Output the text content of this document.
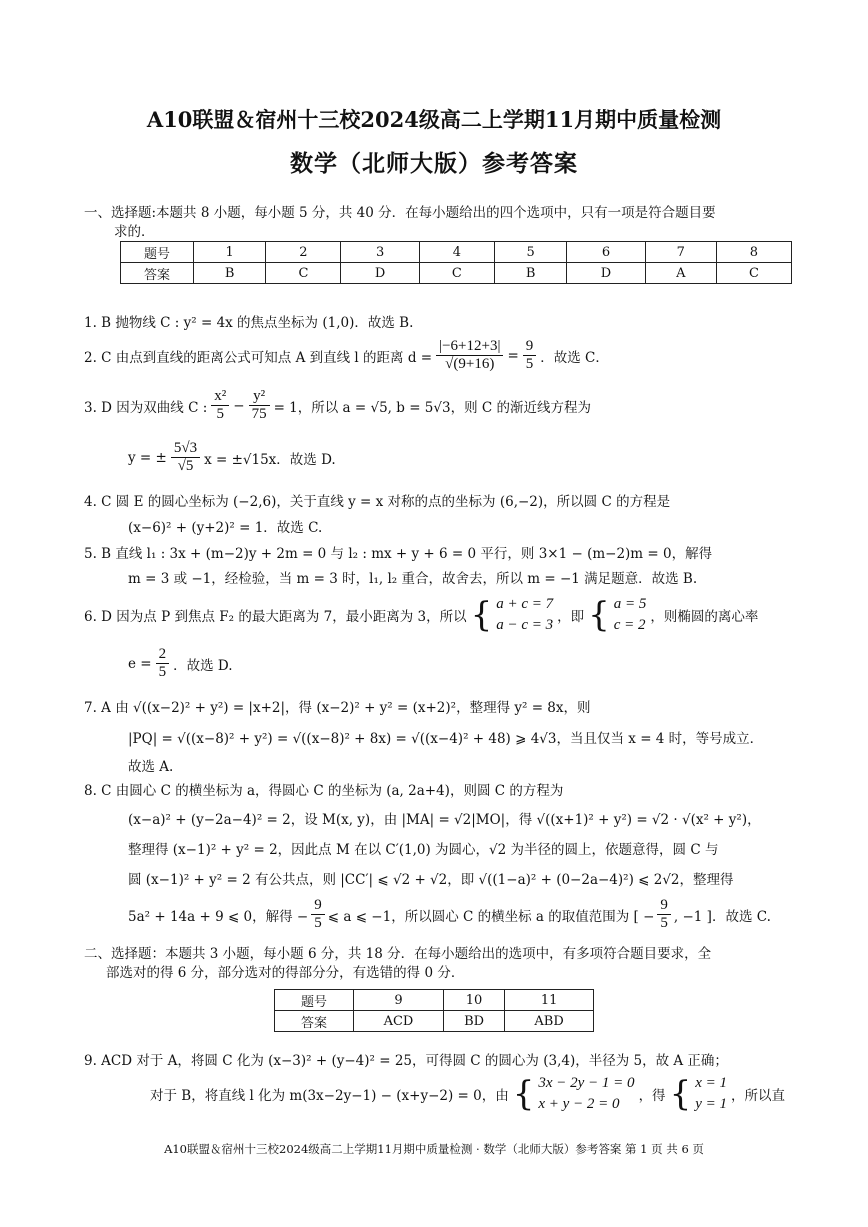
A10联盟＆宿州十三校2024级高二上学期11月期中质量检测
数学（北师大版）参考答案
一、选择题:本题共 8 小题，每小题 5 分，共 40 分．在每小题给出的四个选项中，只有一项是符合题目要
求的．
题号	1	2	3	4	5	6	7	8
答案	B	C	D	C	B	D	A	C
1. B 抛物线 C : y² = 4x 的焦点坐标为 (1,0)．故选 B.
2. C 由点到直线的距离公式可知点 A 到直线 l 的距离 $d = \frac{|-6+12+3|}{√(9+16)} = \frac{9}{5}$ ．故选 C．
3. D 因为双曲线 C : $\frac{\text{x²}}{5} - \frac{\text{y²}}{75} = 1$，所以 a = √5, b = 5√3，则 C 的渐近线方程为
y = ± $\frac{5√3}{√5}$ x = ±√15x．故选 D.
4. C 圆 E 的圆心坐标为 (−2,6)，关于直线 y = x 对称的点的坐标为 (6,−2)，所以圆 C 的方程是
(x−6)² + (y+2)² = 1．故选 C.
5. B 直线 l₁ : 3x + (m−2)y + 2m = 0 与 l₂ : mx + y + 6 = 0 平行，则 3×1 − (m−2)m = 0，解得
m = 3 或 −1，经检验，当 m = 3 时，l₁, l₂ 重合，故舍去，所以 m = −1 满足题意．故选 B.
6. D 因为点 P 到焦点 F₂ 的最大距离为 7，最小距离为 3，所以 { a + c = 7
a − c = 3 ，即 { a = 5
c = 2 ，则椭圆的离心率
$e = \frac{2}{5}$ ．故选 D.
7. A 由 √((x−2)² + y²) = |x+2|，得 (x−2)² + y² = (x+2)²，整理得 y² = 8x，则
|PQ| = √((x−8)² + y²) = √((x−8)² + 8x) = √((x−4)² + 48) ⩾ 4√3，当且仅当 x = 4 时，等号成立．
故选 A.
8. C 由圆心 C 的横坐标为 a，得圆心 C 的坐标为 (a, 2a+4)，则圆 C 的方程为
(x−a)² + (y−2a−4)² = 2，设 M(x, y)，由 |MA| = √2|MO|，得 √((x+1)² + y²) = √2 · √(x² + y²)，
整理得 (x−1)² + y² = 2，因此点 M 在以 C′(1,0) 为圆心，√2 为半径的圆上，依题意得，圆 C 与
圆 (x−1)² + y² = 2 有公共点，则 |CC′| ⩽ √2 + √2，即 √((1−a)² + (0−2a−4)²) ⩽ 2√2，整理得
5a² + 14a + 9 ⩽ 0，解得 − $\frac{9}{5}$ ⩽ a ⩽ −1，所以圆心 C 的横坐标 a 的取值范围为 [ − $\frac{9}{5}$ , −1 ]．故选 C.
二、选择题：本题共 3 小题，每小题 6 分，共 18 分．在每小题给出的选项中，有多项符合题目要求，全
部选对的得 6 分，部分选对的得部分分，有选错的得 0 分．
题号	9	10	11
答案	ACD	BD	ABD
9. ACD 对于 A，将圆 C 化为 (x−3)² + (y−4)² = 25，可得圆 C 的圆心为 (3,4)，半径为 5，故 A 正确；
对于 B，将直线 l 化为 m(3x−2y−1) − (x+y−2) = 0，由 { 3x − 2y − 1 = 0
x + y − 2 = 0	，得 { x = 1
y = 1 ，所以直
A10联盟＆宿州十三校2024级高二上学期11月期中质量检测 · 数学（北师大版）参考答案 第 1 页 共 6 页
